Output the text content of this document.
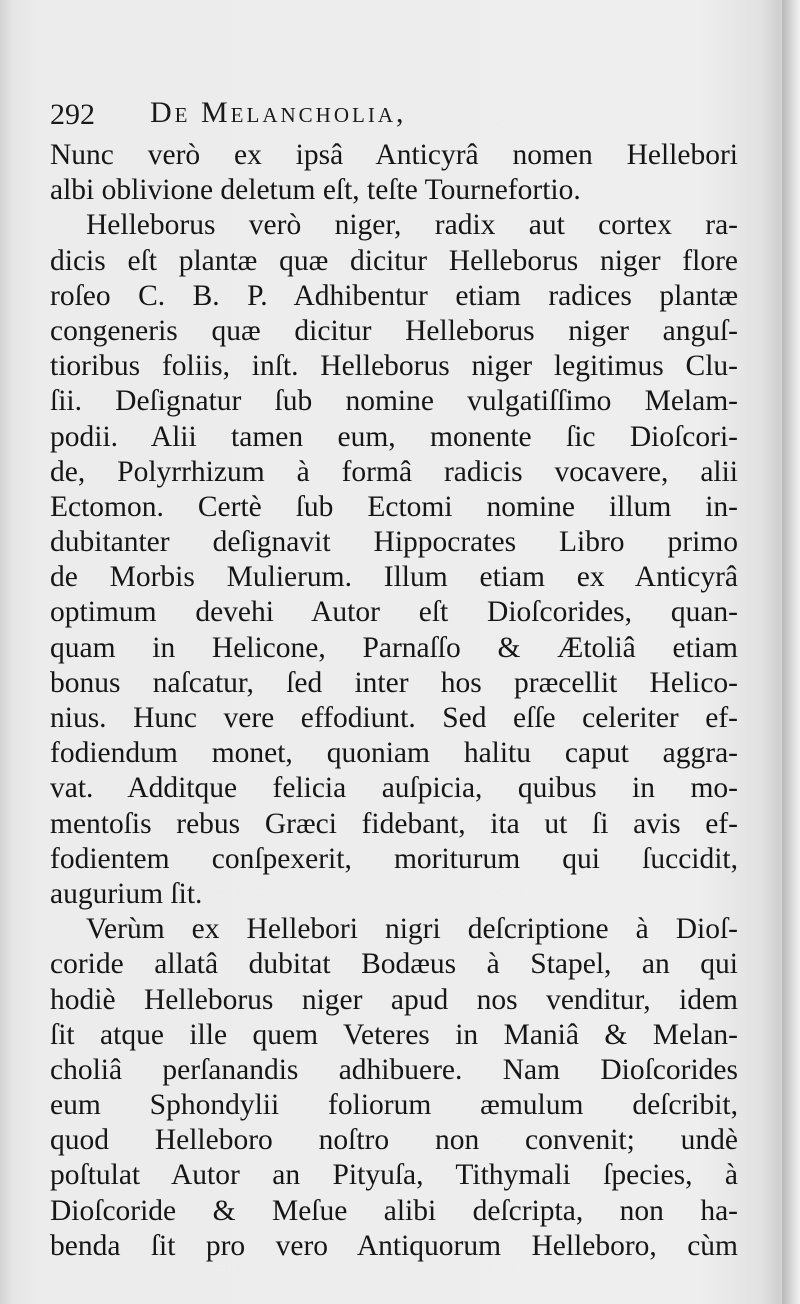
292 De Melancholia,
Nunc verò ex ipsâ Anticyrâ nomen Hellebori
albi oblivione deletum eſt, teſte Tournefortio.
Helleborus verò niger, radix aut cortex ra-
dicis eſt plantæ quæ dicitur Helleborus niger flore
roſeo C. B. P. Adhibentur etiam radices plantæ
congeneris quæ dicitur Helleborus niger anguſ-
tioribus foliis, inſt. Helleborus niger legitimus Clu-
ſii. Deſignatur ſub nomine vulgatiſſimo Melam-
podii. Alii tamen eum, monente ſic Dioſcori-
de, Polyrrhizum à formâ radicis vocavere, alii
Ectomon. Certè ſub Ectomi nomine illum in-
dubitanter deſignavit Hippocrates Libro primo
de Morbis Mulierum. Illum etiam ex Anticyrâ
optimum devehi Autor eſt Dioſcorides, quan-
quam in Helicone, Parnaſſo & Ætoliâ etiam
bonus naſcatur, ſed inter hos præcellit Helico-
nius. Hunc vere effodiunt. Sed eſſe celeriter ef-
fodiendum monet, quoniam halitu caput aggra-
vat. Additque felicia auſpicia, quibus in mo-
mentoſis rebus Græci fidebant, ita ut ſi avis ef-
fodientem conſpexerit, moriturum qui ſuccidit,
augurium ſit.
Verùm ex Hellebori nigri deſcriptione à Dioſ-
coride allatâ dubitat Bodæus à Stapel, an qui
hodiè Helleborus niger apud nos venditur, idem
ſit atque ille quem Veteres in Maniâ & Melan-
choliâ perſanandis adhibuere. Nam Dioſcorides
eum Sphondylii foliorum æmulum deſcribit,
quod Helleboro noſtro non convenit; undè
poſtulat Autor an Pityuſa, Tithymali ſpecies, à
Dioſcoride & Meſue alibi deſcripta, non ha-
benda ſit pro vero Antiquorum Helleboro, cùm
